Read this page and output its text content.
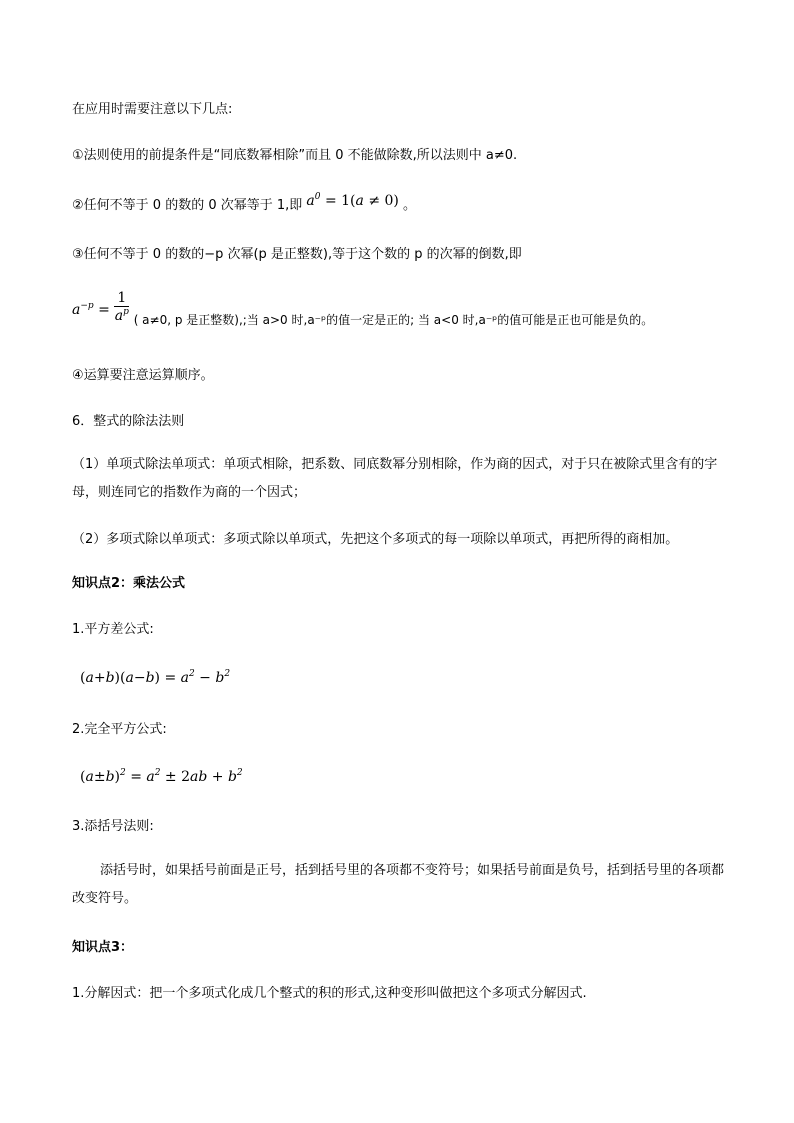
在应用时需要注意以下几点:
①法则使用的前提条件是“同底数幂相除”而且 0 不能做除数,所以法则中 a≠0.
②任何不等于 0 的数的 0 次幂等于 1,即 $a^0 = 1(a \ne 0)$ 。
③任何不等于 0 的数的−p 次幂(p 是正整数),等于这个数的 p 的次幂的倒数,即
$a^{-p} = \frac{1}{a^p}$ ( a≠0, p 是正整数),;当 a>0 时,a⁻ᵖ的值一定是正的; 当 a<0 时,a⁻ᵖ的值可能是正也可能是负的。
④运算要注意运算顺序。
6．整式的除法法则
（1）单项式除法单项式：单项式相除，把系数、同底数幂分别相除，作为商的因式，对于只在被除式里含有的字母，则连同它的指数作为商的一个因式；
（2）多项式除以单项式：多项式除以单项式，先把这个多项式的每一项除以单项式，再把所得的商相加。
知识点2：乘法公式
1.平方差公式:
$(a+b)(a-b) = a^2 - b^2$
2.完全平方公式:
$(a\pm b)^2 = a^2 \pm 2ab + b^2$
3.添括号法则:
添括号时，如果括号前面是正号，括到括号里的各项都不变符号；如果括号前面是负号，括到括号里的各项都改变符号。
知识点3：
1.分解因式：把一个多项式化成几个整式的积的形式,这种变形叫做把这个多项式分解因式.
